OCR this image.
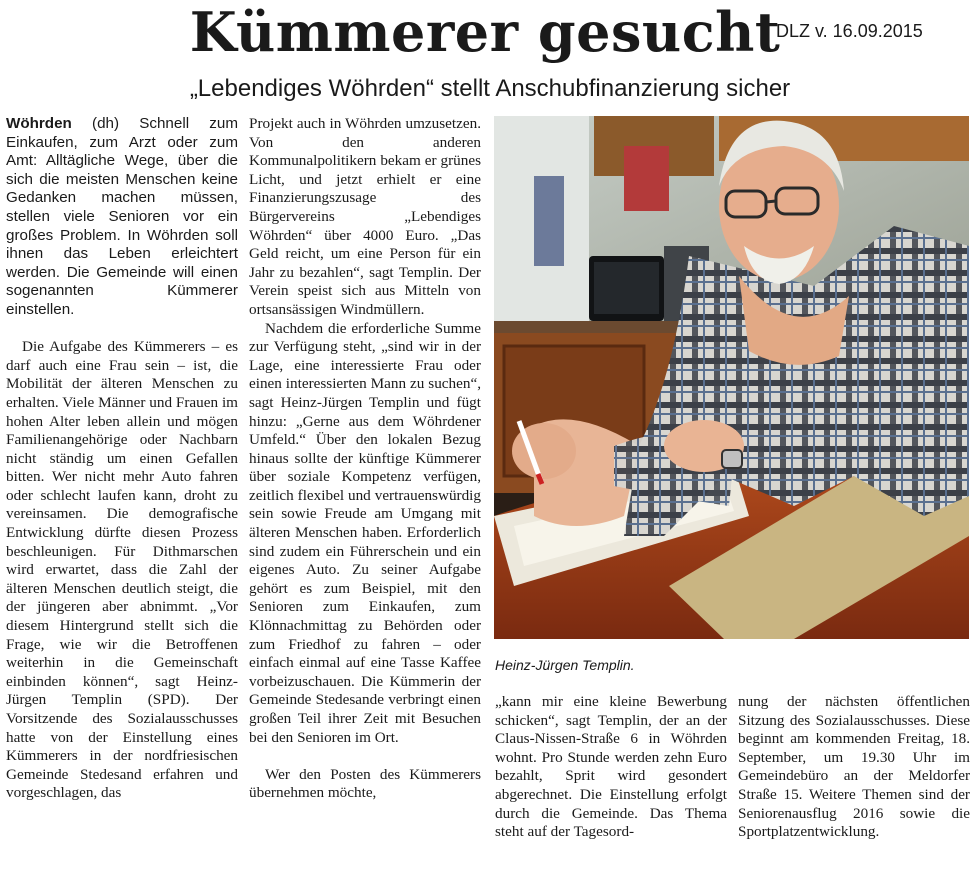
Kümmerer gesucht
DLZ v. 16.09.2015
„Lebendiges Wöhrden“ stellt Anschubfinanzierung sicher

Wöhrden (dh) Schnell zum Einkaufen, zum Arzt oder zum Amt: Alltägliche Wege, über die sich die meisten Menschen keine Gedanken machen müssen, stellen viele Senioren vor ein großes Problem. In Wöhrden soll ihnen das Leben erleichtert werden. Die Gemeinde will einen sogenannten Kümmerer einstellen.

Die Aufgabe des Kümmerers – es darf auch eine Frau sein – ist, die Mobilität der älteren Menschen zu erhalten. Viele Männer und Frauen im hohen Alter leben allein und mögen Familienangehörige oder Nachbarn nicht ständig um einen Gefallen bitten. Wer nicht mehr Auto fahren oder schlecht laufen kann, droht zu vereinsamen. Die demografische Entwicklung dürfte diesen Prozess beschleunigen. Für Dithmarschen wird erwartet, dass die Zahl der älteren Menschen deutlich steigt, die der jüngeren aber abnimmt. „Vor diesem Hintergrund stellt sich die Frage, wie wir die Betroffenen weiterhin in die Gemeinschaft einbinden können“, sagt Heinz-Jürgen Templin (SPD). Der Vorsitzende des Sozialausschusses hatte von der Einstellung eines Kümmerers in der nordfriesischen Gemeinde Stedesand erfahren und vorgeschlagen, das

Projekt auch in Wöhrden umzusetzen. Von den anderen Kommunalpolitikern bekam er grünes Licht, und jetzt erhielt er eine Finanzierungszusage des Bürgervereins „Lebendiges Wöhrden“ über 4000 Euro. „Das Geld reicht, um eine Person für ein Jahr zu bezahlen“, sagt Templin. Der Verein speist sich aus Mitteln von ortsansässigen Windmüllern.

Nachdem die erforderliche Summe zur Verfügung steht, „sind wir in der Lage, eine interessierte Frau oder einen interessierten Mann zu suchen“, sagt Heinz-Jürgen Templin und fügt hinzu: „Gerne aus dem Wöhrdener Umfeld.“ Über den lokalen Bezug hinaus sollte der künftige Kümmerer über soziale Kompetenz verfügen, zeitlich flexibel und vertrauenswürdig sein sowie Freude am Umgang mit älteren Menschen haben. Erforderlich sind zudem ein Führerschein und ein eigenes Auto. Zu seiner Aufgabe gehört es zum Beispiel, mit den Senioren zum Einkaufen, zum Klönnachmittag zu Behörden oder zum Friedhof zu fahren – oder einfach einmal auf eine Tasse Kaffee vorbeizuschauen. Die Kümmerin der Gemeinde Stedesande verbringt einen großen Teil ihrer Zeit mit Besuchen bei den Senioren im Ort.

Wer den Posten des Kümmerers übernehmen möchte,

Heinz-Jürgen Templin.

„kann mir eine kleine Bewerbung schicken“, sagt Templin, der an der Claus-Nissen-Straße 6 in Wöhrden wohnt. Pro Stunde werden zehn Euro bezahlt, Sprit wird gesondert abgerechnet. Die Einstellung erfolgt durch die Gemeinde. Das Thema steht auf der Tagesord-

nung der nächsten öffentlichen Sitzung des Sozialausschusses. Diese beginnt am kommenden Freitag, 18. September, um 19.30 Uhr im Gemeindebüro an der Meldorfer Straße 15. Weitere Themen sind der Seniorenausflug 2016 sowie die Sportplatzentwicklung.
